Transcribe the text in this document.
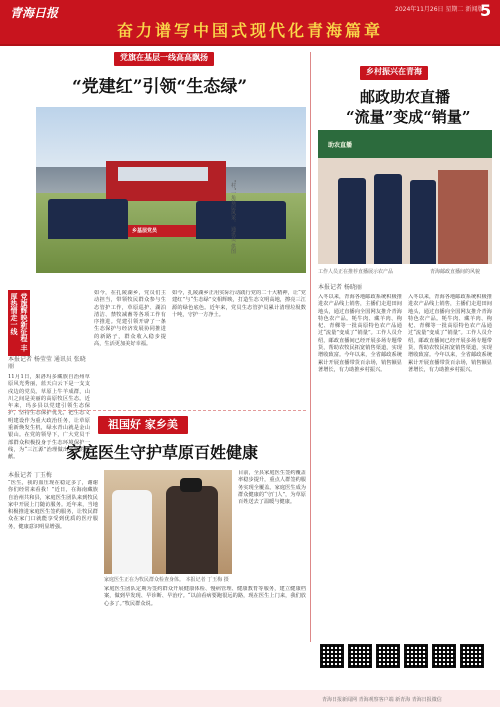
青海日报	2024年11月26日 星期二 新闻版
5
奋力谱写中国式现代化青海篇章
党旗在基层一线高高飘扬
“党建红”引领“生态绿”
乡基层党员	“村”一角基层风采。 通讯员 供图
党旗辉映新征程 丰厚热情走一线
本报记者 杨莹莹 通讯员 张晓丽
11月1日，果洛玛多藏族自治州草原风光秀丽，蓝天白云下是一支支戍边的党员。草原上牛羊成群，山川之间是美丽的高原牧区生态。近年来，玛多县以党建引领生态保护，坚持生态保护优先，把生态文明建设作为重大政治任务，让草原重新焕发生机，绿水青山就是金山银山。在党的领导下，广大党员干部群众积极投身于生态环境保护一线，为“三江源”治理做出了新的贡献。
如今，在扎陵湖乡，党员们主动担当，带领牧民群众参与生态管护工作，草原巡护、湖泊清洁、禁牧减畜等各项工作有序推进。党建引领开辟了一条生态保护与经济发展协同推进的新路子，群众收入稳步提高，生活更加美好幸福。
如今，扎陵湖乡正用实际行动践行党的二十大精神，让“党建红”与“生态绿”交相辉映，打造生态文明高地，擦亮三江源的绿色底色。近年来，党员生态管护员累计清理垃圾数十吨，守护一方净土。
乡村振兴在青海
邮政助农直播
“流量”变成“销量”
助农直播
工作人员正在推荐直播展示农产品	青海邮政直播间的风貌
本报记者 杨晓丽
入冬以来，青海各地邮政系统积极推进农产品线上销售，主播们走进田间地头，通过直播向全国网友推介青海特色农产品。牦牛肉、藏羊肉、枸杞、青稞等一批高原特色农产品通过“流量”变成了“销量”。工作人员介绍，邮政直播间已经开展多场专题带货，帮助农牧民拓宽销售渠道，实现增收致富。今年以来，全省邮政系统累计开展直播带货百余场，销售额显著增长，有力助推乡村振兴。
入冬以来，青海各地邮政系统积极推进农产品线上销售，主播们走进田间地头，通过直播向全国网友推介青海特色农产品。牦牛肉、藏羊肉、枸杞、青稞等一批高原特色农产品通过“流量”变成了“销量”。工作人员介绍，邮政直播间已经开展多场专题带货，帮助农牧民拓宽销售渠道，实现增收致富。今年以来，全省邮政系统累计开展直播带货百余场，销售额显著增长，有力助推乡村振兴。
祖国好 家乡美
家庭医生守护草原百姓健康
本报记者 丁玉梅
“医生，我的血压现在稳定多了，谢谢你们经常来看我！”近日，在海南藏族自治州共和县，家庭医生团队来到牧民家中开展上门随访服务。近年来，当地积极推进家庭医生签约服务，让牧民群众在家门口就能享受到优质的医疗服务，健康意识明显增强。
家庭医生正在为牧民群众检查身体。 本报记者 丁玉梅 摄
目前，全县家庭医生签约覆盖率稳步提升，重点人群签约服务实现全覆盖。家庭医生成为群众健康的“守门人”，为草原百姓送去了温暖与健康。
家庭医生团队定期为签约群众开展健康体检、慢病管理、健康教育等服务，建立健康档案，做到早发现、早诊断、早治疗。“以前看病要跑很远的路，现在医生上门来，我们放心多了。”牧民群众说。
青海日报新闻网 青海观察客户端 新青海 青海日报微信
